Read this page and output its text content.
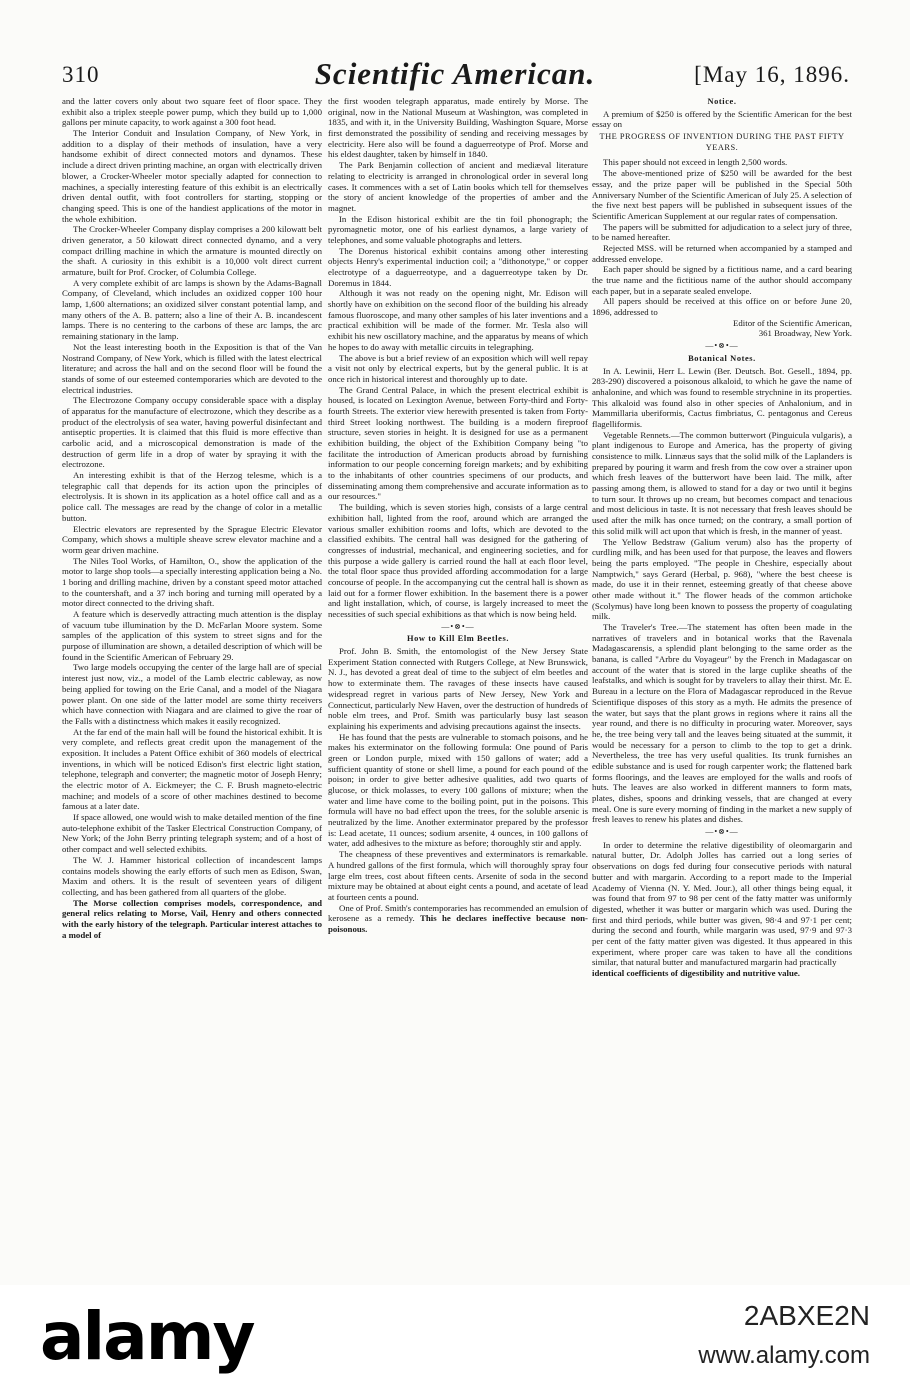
310	Scientific American.	[May 16, 1896.

and the latter covers only about two square feet of floor space. They exhibit also a triplex steeple power pump, which they build up to 1,000 gallons per minute capacity, to work against a 300 foot head.

The Interior Conduit and Insulation Company, of New York, in addition to a display of their methods of insulation, have a very handsome exhibit of direct connected motors and dynamos. These include a direct driven printing machine, an organ with electrically driven blower, a Crocker-Wheeler motor specially adapted for connection to machines, a specially interesting feature of this exhibit is an electrically driven dental outfit, with foot controllers for starting, stopping or changing speed. This is one of the handiest applications of the motor in the whole exhibition.

The Crocker-Wheeler Company display comprises a 200 kilowatt belt driven generator, a 50 kilowatt direct connected dynamo, and a very compact drilling machine in which the armature is mounted directly on the shaft. A curiosity in this exhibit is a 10,000 volt direct current armature, built for Prof. Crocker, of Columbia College.

A very complete exhibit of arc lamps is shown by the Adams-Bagnall Company, of Cleveland, which includes an oxidized copper 100 hour lamp, 1,600 alternations; an oxidized silver constant potential lamp, and many others of the A. B. pattern; also a line of their A. B. incandescent lamps. There is no centering to the carbons of these arc lamps, the arc remaining stationary in the lamp.

Not the least interesting booth in the Exposition is that of the Van Nostrand Company, of New York, which is filled with the latest electrical literature; and across the hall and on the second floor will be found the stands of some of our esteemed contemporaries which are devoted to the electrical industries.

The Electrozone Company occupy considerable space with a display of apparatus for the manufacture of electrozone, which they describe as a product of the electrolysis of sea water, having powerful disinfectant and antiseptic properties. It is claimed that this fluid is more effective than carbolic acid, and a microscopical demonstration is made of the destruction of germ life in a drop of water by spraying it with the electrozone.

An interesting exhibit is that of the Herzog telesme, which is a telegraphic call that depends for its action upon the principles of electrolysis. It is shown in its application as a hotel office call and as a police call. The messages are read by the change of color in a metallic button.

Electric elevators are represented by the Sprague Electric Elevator Company, which shows a multiple sheave screw elevator machine and a worm gear driven machine.

The Niles Tool Works, of Hamilton, O., show the application of the motor to large shop tools—a specially interesting application being a No. 1 boring and drilling machine, driven by a constant speed motor attached to the countershaft, and a 37 inch boring and turning mill operated by a motor direct connected to the driving shaft.

A feature which is deservedly attracting much attention is the display of vacuum tube illumination by the D. McFarlan Moore system. Some samples of the application of this system to street signs and for the purpose of illumination are shown, a detailed description of which will be found in the Scientific American of February 29.

Two large models occupying the center of the large hall are of special interest just now, viz., a model of the Lamb electric cableway, as now being applied for towing on the Erie Canal, and a model of the Niagara power plant. On one side of the latter model are some thirty receivers which have connection with Niagara and are claimed to give the roar of the Falls with a distinctness which makes it easily recognized.

At the far end of the main hall will be found the historical exhibit. It is very complete, and reflects great credit upon the management of the exposition. It includes a Patent Office exhibit of 360 models of electrical inventions, in which will be noticed Edison's first electric light station, telephone, telegraph and converter; the magnetic motor of Joseph Henry; the electric motor of A. Eickmeyer; the C. F. Brush magneto-electric machine; and models of a score of other machines destined to become famous at a later date.

If space allowed, one would wish to make detailed mention of the fine auto-telephone exhibit of the Tasker Electrical Construction Company, of New York; of the John Berry printing telegraph system; and of a host of other compact and well selected exhibits.

The W. J. Hammer historical collection of incandescent lamps contains models showing the early efforts of such men as Edison, Swan, Maxim and others. It is the result of seventeen years of diligent collecting, and has been gathered from all quarters of the globe.

The Morse collection comprises models, correspondence, and general relics relating to Morse, Vail, Henry and others connected with the early history of the telegraph. Particular interest attaches to a model of

the first wooden telegraph apparatus, made entirely by Morse. The original, now in the National Museum at Washington, was completed in 1835, and with it, in the University Building, Washington Square, Morse first demonstrated the possibility of sending and receiving messages by electricity. Here also will be found a daguerreotype of Prof. Morse and his eldest daughter, taken by himself in 1840.

The Park Benjamin collection of ancient and mediæval literature relating to electricity is arranged in chronological order in several long cases. It commences with a set of Latin books which tell for themselves the story of ancient knowledge of the properties of amber and the magnet.

In the Edison historical exhibit are the tin foil phonograph; the pyromagnetic motor, one of his earliest dynamos, a large variety of telephones, and some valuable photographs and letters.

The Dorenus historical exhibit contains among other interesting objects Henry's experimental induction coil; a "dithonotype," or copper electrotype of a daguerreotype, and a daguerreotype taken by Dr. Doremus in 1844.

Although it was not ready on the opening night, Mr. Edison will shortly have on exhibition on the second floor of the building his already famous fluoroscope, and many other samples of his later inventions and a practical exhibition will be made of the former. Mr. Tesla also will exhibit his new oscillatory machine, and the apparatus by means of which he hopes to do away with metallic circuits in telegraphing.

The above is but a brief review of an exposition which will well repay a visit not only by electrical experts, but by the general public. It is at once rich in historical interest and thoroughly up to date.

The Grand Central Palace, in which the present electrical exhibit is housed, is located on Lexington Avenue, between Forty-third and Forty-fourth Streets. The exterior view herewith presented is taken from Forty-third Street looking northwest. The building is a modern fireproof structure, seven stories in height. It is designed for use as a permanent exhibition building, the object of the Exhibition Company being "to facilitate the introduction of American products abroad by furnishing information to our people concerning foreign markets; and by exhibiting to the inhabitants of other countries specimens of our products, and disseminating among them comprehensive and accurate information as to our resources."

The building, which is seven stories high, consists of a large central exhibition hall, lighted from the roof, around which are arranged the various smaller exhibition rooms and lofts, which are devoted to the classified exhibits. The central hall was designed for the gathering of congresses of industrial, mechanical, and engineering societies, and for this purpose a wide gallery is carried round the hall at each floor level, the total floor space thus provided affording accommodation for a large concourse of people. In the accompanying cut the central hall is shown as laid out for a former flower exhibition. In the basement there is a power and light installation, which, of course, is largely increased to meet the necessities of such special exhibitions as that which is now being held.

—•⊗•—
How to Kill Elm Beetles.

Prof. John B. Smith, the entomologist of the New Jersey State Experiment Station connected with Rutgers College, at New Brunswick, N. J., has devoted a great deal of time to the subject of elm beetles and how to exterminate them. The ravages of these insects have caused widespread regret in various parts of New Jersey, New York and Connecticut, particularly New Haven, over the destruction of hundreds of noble elm trees, and Prof. Smith was particularly busy last season explaining his experiments and advising precautions against the insects.

He has found that the pests are vulnerable to stomach poisons, and he makes his exterminator on the following formula: One pound of Paris green or London purple, mixed with 150 gallons of water; add a sufficient quantity of stone or shell lime, a pound for each pound of the poison; in order to give better adhesive qualities, add two quarts of glucose, or thick molasses, to every 100 gallons of mixture; when the water and lime have come to the boiling point, put in the poisons. This formula will have no bad effect upon the trees, for the soluble arsenic is neutralized by the lime. Another exterminator prepared by the professor is: Lead acetate, 11 ounces; sodium arsenite, 4 ounces, in 100 gallons of water, add adhesives to the mixture as before; thoroughly stir and apply.

The cheapness of these preventives and exterminators is remarkable. A hundred gallons of the first formula, which will thoroughly spray four large elm trees, cost about fifteen cents. Arsenite of soda in the second mixture may be obtained at about eight cents a pound, and acetate of lead at fourteen cents a pound.

One of Prof. Smith's contemporaries has recommended an emulsion of kerosene as a remedy. This he declares ineffective because non-poisonous.

Notice.

A premium of $250 is offered by the Scientific American for the best essay on

THE PROGRESS OF INVENTION DURING THE PAST FIFTY YEARS.

This paper should not exceed in length 2,500 words.

The above-mentioned prize of $250 will be awarded for the best essay, and the prize paper will be published in the Special 50th Anniversary Number of the Scientific American of July 25. A selection of the five next best papers will be published in subsequent issues of the Scientific American Supplement at our regular rates of compensation.

The papers will be submitted for adjudication to a select jury of three, to be named hereafter.

Rejected MSS. will be returned when accompanied by a stamped and addressed envelope.

Each paper should be signed by a fictitious name, and a card bearing the true name and the fictitious name of the author should accompany each paper, but in a separate sealed envelope.

All papers should be received at this office on or before June 20, 1896, addressed to

Editor of the Scientific American,

361 Broadway, New York.

—•⊗•—
Botanical Notes.

In A. Lewinii, Herr L. Lewin (Ber. Deutsch. Bot. Gesell., 1894, pp. 283-290) discovered a poisonous alkaloid, to which he gave the name of anhalonine, and which was found to resemble strychnine in its properties. This alkaloid was found also in other species of Anhalonium, and in Mammillaria uberiformis, Cactus fimbriatus, C. pentagonus and Cereus flagelliformis.

Vegetable Rennets.—The common butterwort (Pinguicula vulgaris), a plant indigenous to Europe and America, has the property of giving consistence to milk. Linnæus says that the solid milk of the Laplanders is prepared by pouring it warm and fresh from the cow over a strainer upon which fresh leaves of the butterwort have been laid. The milk, after passing among them, is allowed to stand for a day or two until it begins to turn sour. It throws up no cream, but becomes compact and tenacious and most delicious in taste. It is not necessary that fresh leaves should be used after the milk has once turned; on the contrary, a small portion of this solid milk will act upon that which is fresh, in the manner of yeast.

The Yellow Bedstraw (Galium verum) also has the property of curdling milk, and has been used for that purpose, the leaves and flowers being the parts employed. "The people in Cheshire, especially about Namptwich," says Gerard (Herbal, p. 968), "where the best cheese is made, do use it in their rennet, esteeming greatly of that cheese above other made without it." The flower heads of the common artichoke (Scolymus) have long been known to possess the property of coagulating milk.

The Traveler's Tree.—The statement has often been made in the narratives of travelers and in botanical works that the Ravenala Madagascarensis, a splendid plant belonging to the same order as the banana, is called "Arbre du Voyageur" by the French in Madagascar on account of the water that is stored in the large cuplike sheaths of the leafstalks, and which is sought for by travelers to allay their thirst. Mr. E. Bureau in a lecture on the Flora of Madagascar reproduced in the Revue Scientifique disposes of this story as a myth. He admits the presence of the water, but says that the plant grows in regions where it rains all the year round, and there is no difficulty in procuring water. Moreover, says he, the tree being very tall and the leaves being situated at the summit, it would be necessary for a person to climb to the top to get a drink. Nevertheless, the tree has very useful qualities. Its trunk furnishes an edible substance and is used for rough carpenter work; the flattened bark forms floorings, and the leaves are employed for the walls and roofs of huts. The leaves are also worked in different manners to form mats, plates, dishes, spoons and drinking vessels, that are changed at every meal. One is sure every morning of finding in the market a new supply of fresh leaves to renew his plates and dishes.

—•⊗•—

In order to determine the relative digestibility of oleomargarin and natural butter, Dr. Adolph Jolles has carried out a long series of observations on dogs fed during four consecutive periods with natural butter and with margarin. According to a report made to the Imperial Academy of Vienna (N. Y. Med. Jour.), all other things being equal, it was found that from 97 to 98 per cent of the fatty matter was uniformly digested, whether it was butter or margarin which was used. During the first and third periods, while butter was given, 98·4 and 97·1 per cent; during the second and fourth, while margarin was used, 97·9 and 97·3 per cent of the fatty matter given was digested. It thus appeared in this experiment, where proper care was taken to have all the conditions similar, that natural butter and manufactured margarin had practically

identical coefficients of digestibility and nutritive value.

alamy	2ABXE2N
www.alamy.com
